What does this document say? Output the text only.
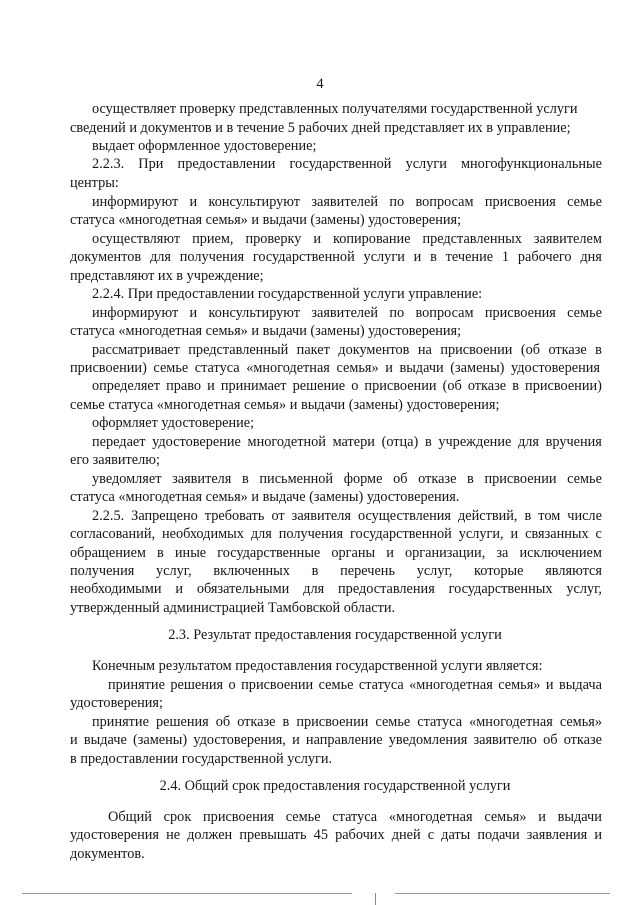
4
осуществляет проверку представленных получателями государственной услуги
сведений и документов и в течение 5 рабочих дней представляет их в управление;
выдает оформленное удостоверение;
2.2.3. При предоставлении государственной услуги многофункциональные
центры:
информируют и консультируют заявителей по вопросам присвоения семье
статуса «многодетная семья» и выдачи (замены) удостоверения;
осуществляют прием, проверку и копирование представленных заявителем
документов для получения государственной услуги и в течение 1 рабочего дня
представляют их в учреждение;
2.2.4. При предоставлении государственной услуги управление:
информируют и консультируют заявителей по вопросам присвоения семье
статуса «многодетная семья» и выдачи (замены) удостоверения;
рассматривает представленный пакет документов на присвоении (об отказе в
присвоении) семье статуса «многодетная семья» и выдачи (замены) удостоверения
определяет право и принимает решение о присвоении (об отказе в присвоении)
семье статуса «многодетная семья» и выдачи (замены) удостоверения;
оформляет удостоверение;
передает удостоверение многодетной матери (отца) в учреждение для вручения
его заявителю;
уведомляет заявителя в письменной форме об отказе в присвоении семье
статуса «многодетная семья» и выдаче (замены) удостоверения.
2.2.5. Запрещено требовать от заявителя осуществления действий, в том числе
согласований, необходимых для получения государственной услуги, и связанных с
обращением в иные государственные органы и организации, за исключением
получения услуг, включенных в перечень услуг, которые являются
необходимыми и обязательными для предоставления государственных услуг,
утвержденный администрацией Тамбовской области.
2.3. Результат предоставления государственной услуги
Конечным результатом предоставления государственной услуги является:
принятие решения о присвоении семье статуса «многодетная семья» и выдача
удостоверения;
принятие решения об отказе в присвоении семье статуса «многодетная семья»
и выдаче (замены) удостоверения, и направление уведомления заявителю об отказе
в предоставлении государственной услуги.
2.4. Общий срок предоставления государственной услуги
Общий срок присвоения семье статуса «многодетная семья» и выдачи
удостоверения не должен превышать 45 рабочих дней с даты подачи заявления и
документов.
